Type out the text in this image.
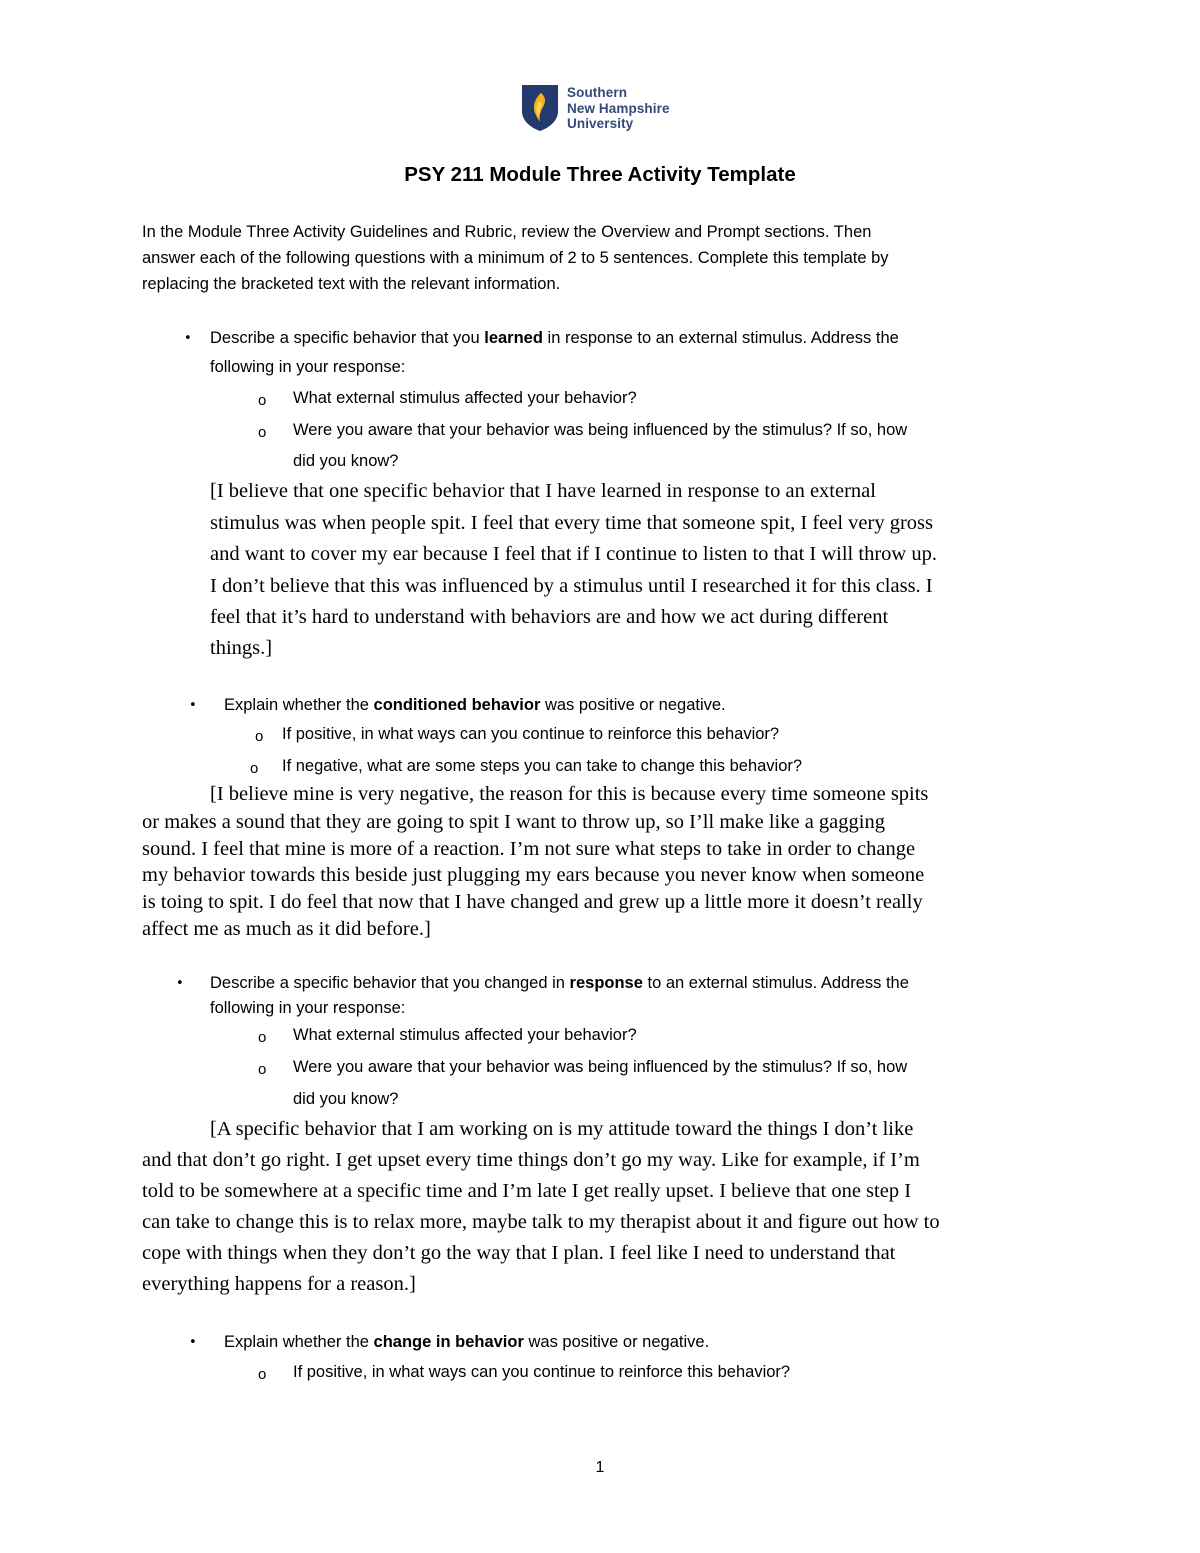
Southern
New Hampshire
University
PSY 211 Module Three Activity Template
In the Module Three Activity Guidelines and Rubric, review the Overview and Prompt sections. Then
answer each of the following questions with a minimum of 2 to 5 sentences. Complete this template by
replacing the bracketed text with the relevant information.
• Describe a specific behavior that you learned in response to an external stimulus. Address the
following in your response:
o What external stimulus affected your behavior?
o Were you aware that your behavior was being influenced by the stimulus? If so, how
did you know?
[I believe that one specific behavior that I have learned in response to an external
stimulus was when people spit. I feel that every time that someone spit, I feel very gross
and want to cover my ear because I feel that if I continue to listen to that I will throw up.
I don’t believe that this was influenced by a stimulus until I researched it for this class. I
feel that it’s hard to understand with behaviors are and how we act during different
things.]
• Explain whether the conditioned behavior was positive or negative.
o If positive, in what ways can you continue to reinforce this behavior?
o If negative, what are some steps you can take to change this behavior?
[I believe mine is very negative, the reason for this is because every time someone spits
or makes a sound that they are going to spit I want to throw up, so I’ll make like a gagging
sound. I feel that mine is more of a reaction. I’m not sure what steps to take in order to change
my behavior towards this beside just plugging my ears because you never know when someone
is toing to spit. I do feel that now that I have changed and grew up a little more it doesn’t really
affect me as much as it did before.]
• Describe a specific behavior that you changed in response to an external stimulus. Address the
following in your response:
o What external stimulus affected your behavior?
o Were you aware that your behavior was being influenced by the stimulus? If so, how
did you know?
[A specific behavior that I am working on is my attitude toward the things I don’t like
and that don’t go right. I get upset every time things don’t go my way. Like for example, if I’m
told to be somewhere at a specific time and I’m late I get really upset. I believe that one step I
can take to change this is to relax more, maybe talk to my therapist about it and figure out how to
cope with things when they don’t go the way that I plan. I feel like I need to understand that
everything happens for a reason.]
• Explain whether the change in behavior was positive or negative.
o If positive, in what ways can you continue to reinforce this behavior?
1
